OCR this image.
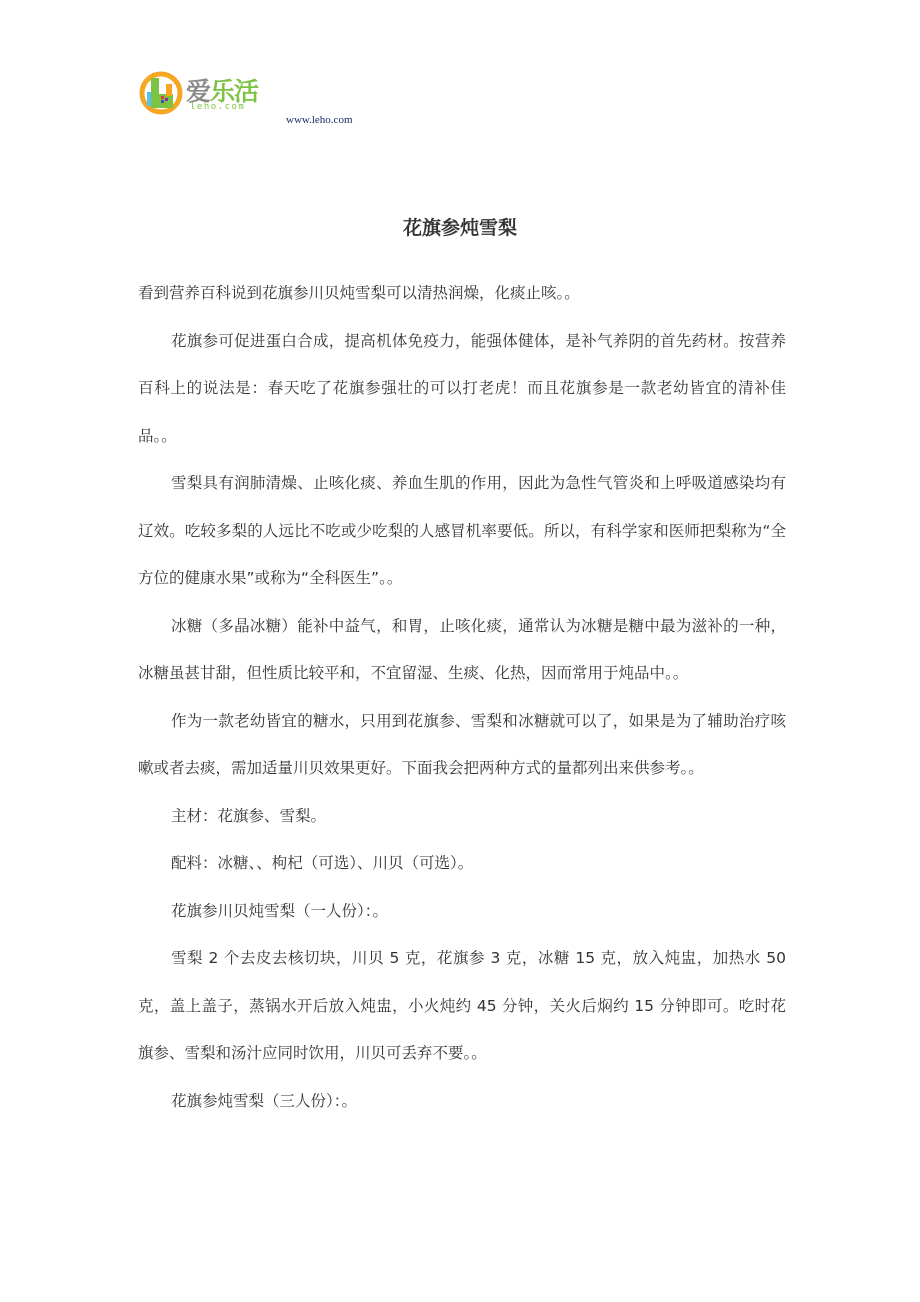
爱乐活
leho.com
www.leho.com
花旗参炖雪梨

看到营养百科说到花旗参川贝炖雪梨可以清热润燥，化痰止咳。。

花旗参可促进蛋白合成，提高机体免疫力，能强体健体，是补气养阴的首先药材。按营养百科上的说法是：春天吃了花旗参强壮的可以打老虎！而且花旗参是一款老幼皆宜的清补佳品。。

雪梨具有润肺清燥、止咳化痰、养血生肌的作用，因此为急性气管炎和上呼吸道感染均有辽效。吃较多梨的人远比不吃或少吃梨的人感冒机率要低。所以，有科学家和医师把梨称为“全方位的健康水果”或称为“全科医生”。。

冰糖（多晶冰糖）能补中益气，和胃，止咳化痰，通常认为冰糖是糖中最为滋补的一种，冰糖虽甚甘甜，但性质比较平和，不宜留湿、生痰、化热，因而常用于炖品中。。

作为一款老幼皆宜的糖水，只用到花旗参、雪梨和冰糖就可以了，如果是为了辅助治疗咳嗽或者去痰，需加适量川贝效果更好。下面我会把两种方式的量都列出来供参考。。

主材：花旗参、雪梨。

配料：冰糖、、枸杞（可选）、川贝（可选）。

花旗参川贝炖雪梨（一人份）：。

雪梨 2 个去皮去核切块，川贝 5 克，花旗参 3 克，冰糖 15 克，放入炖盅，加热水 50 克，盖上盖子，蒸锅水开后放入炖盅，小火炖约 45 分钟，关火后焖约 15 分钟即可。吃时花旗参、雪梨和汤汁应同时饮用，川贝可丢弃不要。。

花旗参炖雪梨（三人份）：。
